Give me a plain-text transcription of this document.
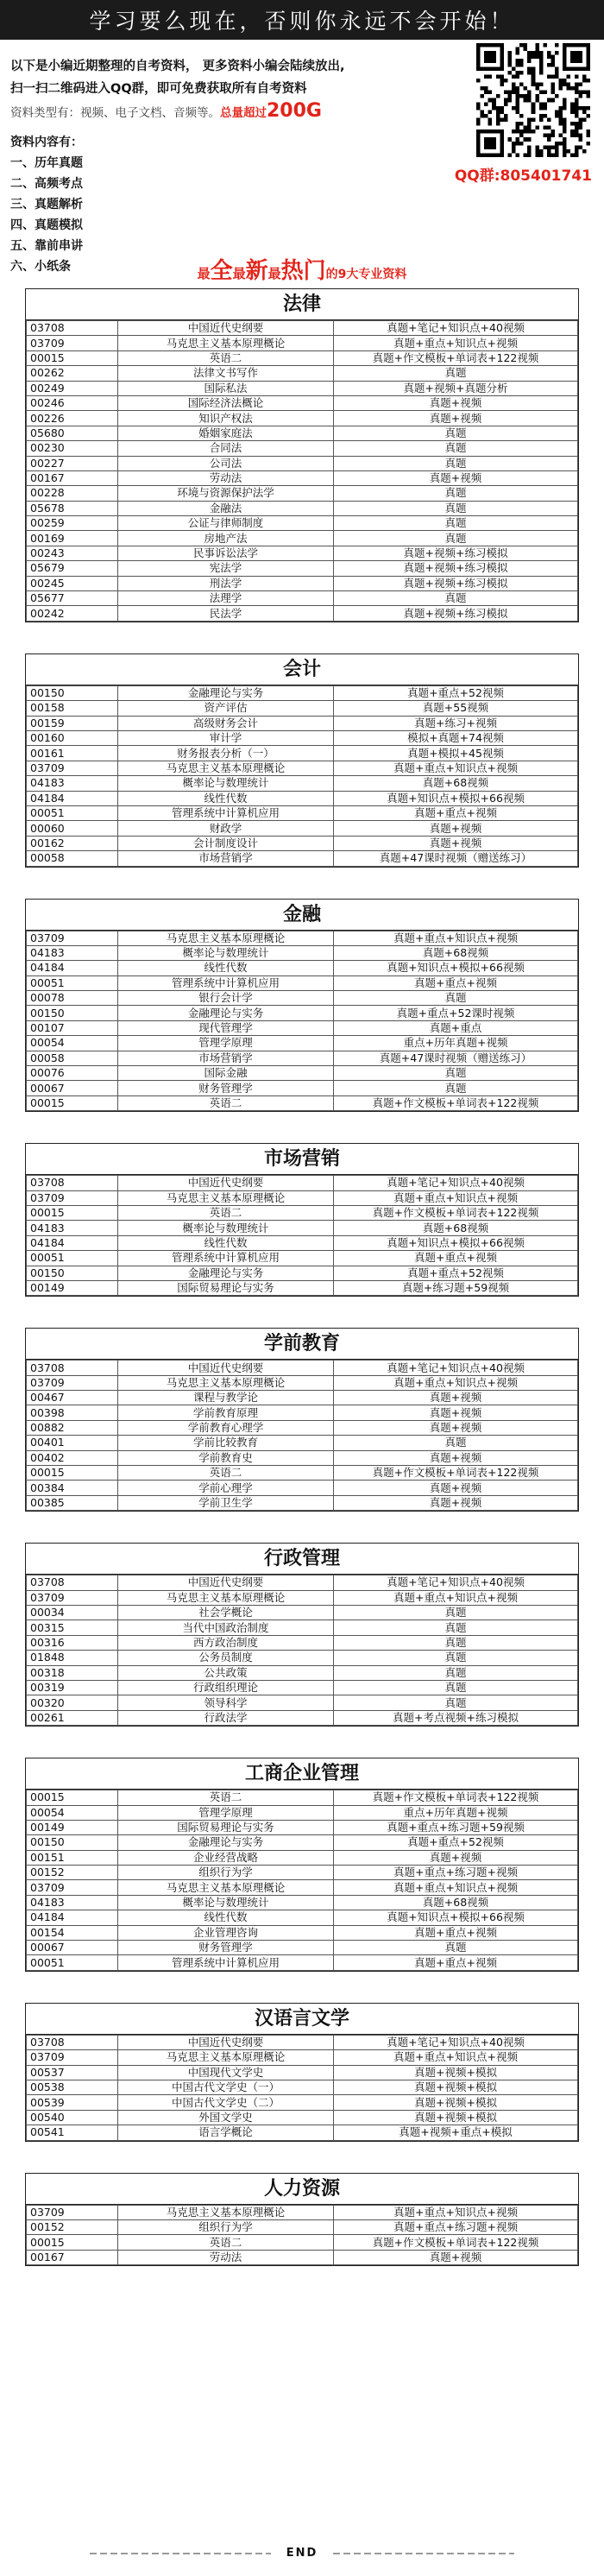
学习要么现在，否则你永远不会开始！
以下是小编近期整理的自考资料， 更多资料小编会陆续放出,
扫一扫二维码进入QQ群，即可免费获取所有自考资料
资料类型有：视频、电子文档、音频等。总量超过200G
资料内容有：
一、历年真题
二、高频考点
三、真题解析
四、真题模拟
五、靠前串讲
六、小纸条
QQ群:805401741
最全最新最热门的9大专业资料
法律
03708	中国近代史纲要	真题+笔记+知识点+40视频
03709	马克思主义基本原理概论	真题+重点+知识点+视频
00015	英语二	真题+作文模板+单词表+122视频
00262	法律文书写作	真题
00249	国际私法	真题+视频+真题分析
00246	国际经济法概论	真题+视频
00226	知识产权法	真题+视频
05680	婚姻家庭法	真题
00230	合同法	真题
00227	公司法	真题
00167	劳动法	真题+视频
00228	环境与资源保护法学	真题
05678	金融法	真题
00259	公证与律师制度	真题
00169	房地产法	真题
00243	民事诉讼法学	真题+视频+练习模拟
05679	宪法学	真题+视频+练习模拟
00245	刑法学	真题+视频+练习模拟
05677	法理学	真题
00242	民法学	真题+视频+练习模拟
会计
00150	金融理论与实务	真题+重点+52视频
00158	资产评估	真题+55视频
00159	高级财务会计	真题+练习+视频
00160	审计学	模拟+真题+74视频
00161	财务报表分析（一）	真题+模拟+45视频
03709	马克思主义基本原理概论	真题+重点+知识点+视频
04183	概率论与数理统计	真题+68视频
04184	线性代数	真题+知识点+模拟+66视频
00051	管理系统中计算机应用	真题+重点+视频
00060	财政学	真题+视频
00162	会计制度设计	真题+视频
00058	市场营销学	真题+47课时视频（赠送练习）
金融
03709	马克思主义基本原理概论	真题+重点+知识点+视频
04183	概率论与数理统计	真题+68视频
04184	线性代数	真题+知识点+模拟+66视频
00051	管理系统中计算机应用	真题+重点+视频
00078	银行会计学	真题
00150	金融理论与实务	真题+重点+52课时视频
00107	现代管理学	真题+重点
00054	管理学原理	重点+历年真题+视频
00058	市场营销学	真题+47课时视频（赠送练习）
00076	国际金融	真题
00067	财务管理学	真题
00015	英语二	真题+作文模板+单词表+122视频
市场营销
03708	中国近代史纲要	真题+笔记+知识点+40视频
03709	马克思主义基本原理概论	真题+重点+知识点+视频
00015	英语二	真题+作文模板+单词表+122视频
04183	概率论与数理统计	真题+68视频
04184	线性代数	真题+知识点+模拟+66视频
00051	管理系统中计算机应用	真题+重点+视频
00150	金融理论与实务	真题+重点+52视频
00149	国际贸易理论与实务	真题+练习题+59视频
学前教育
03708	中国近代史纲要	真题+笔记+知识点+40视频
03709	马克思主义基本原理概论	真题+重点+知识点+视频
00467	课程与教学论	真题+视频
00398	学前教育原理	真题+视频
00882	学前教育心理学	真题+视频
00401	学前比较教育	真题
00402	学前教育史	真题+视频
00015	英语二	真题+作文模板+单词表+122视频
00384	学前心理学	真题+视频
00385	学前卫生学	真题+视频
行政管理
03708	中国近代史纲要	真题+笔记+知识点+40视频
03709	马克思主义基本原理概论	真题+重点+知识点+视频
00034	社会学概论	真题
00315	当代中国政治制度	真题
00316	西方政治制度	真题
01848	公务员制度	真题
00318	公共政策	真题
00319	行政组织理论	真题
00320	领导科学	真题
00261	行政法学	真题+考点视频+练习模拟
工商企业管理
00015	英语二	真题+作文模板+单词表+122视频
00054	管理学原理	重点+历年真题+视频
00149	国际贸易理论与实务	真题+重点+练习题+59视频
00150	金融理论与实务	真题+重点+52视频
00151	企业经营战略	真题+视频
00152	组织行为学	真题+重点+练习题+视频
03709	马克思主义基本原理概论	真题+重点+知识点+视频
04183	概率论与数理统计	真题+68视频
04184	线性代数	真题+知识点+模拟+66视频
00154	企业管理咨询	真题+重点+视频
00067	财务管理学	真题
00051	管理系统中计算机应用	真题+重点+视频
汉语言文学
03708	中国近代史纲要	真题+笔记+知识点+40视频
03709	马克思主义基本原理概论	真题+重点+知识点+视频
00537	中国现代文学史	真题+视频+模拟
00538	中国古代文学史（一）	真题+视频+模拟
00539	中国古代文学史（二）	真题+视频+模拟
00540	外国文学史	真题+视频+模拟
00541	语言学概论	真题+视频+重点+模拟
人力资源
03709	马克思主义基本原理概论	真题+重点+知识点+视频
00152	组织行为学	真题+重点+练习题+视频
00015	英语二	真题+作文模板+单词表+122视频
00167	劳动法	真题+视频
END
